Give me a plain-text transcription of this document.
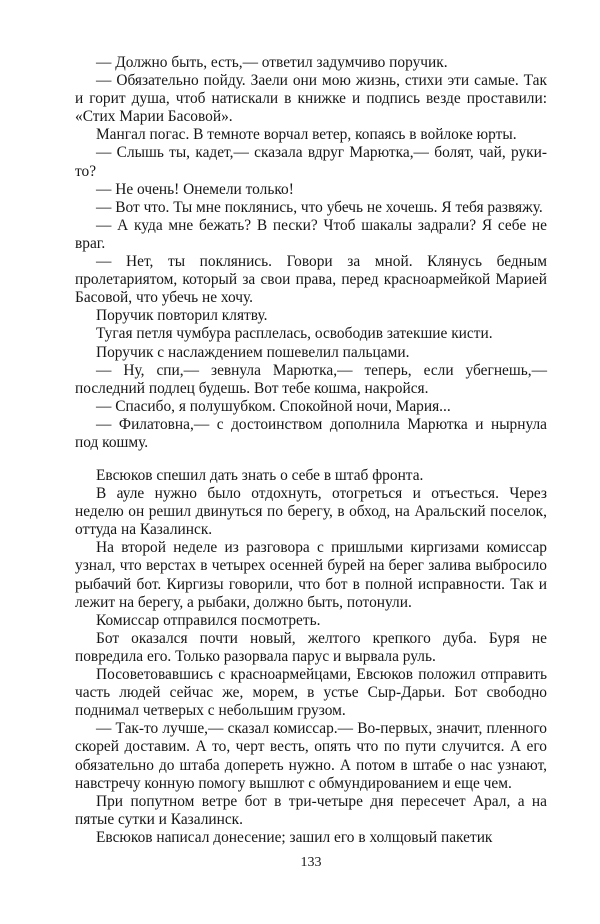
— Должно быть, есть,— ответил задумчиво поручик.

— Обязательно пойду. Заели они мою жизнь, стихи эти самые. Так и горит душа, чтоб натискали в книжке и подпись везде проставили: «Стих Марии Басовой».

Мангал погас. В темноте ворчал ветер, копаясь в войлоке юрты.

— Слышь ты, кадет,— сказала вдруг Марютка,— болят, чай, руки-то?

— Не очень! Онемели только!

— Вот что. Ты мне поклянись, что убечь не хочешь. Я тебя развяжу.

— А куда мне бежать? В пески? Чтоб шакалы задрали? Я себе не враг.

— Нет, ты поклянись. Говори за мной. Клянусь бедным пролетариятом, который за свои права, перед красноармейкой Марией Басовой, что убечь не хочу.

Поручик повторил клятву.

Тугая петля чумбура расплелась, освободив затекшие кисти.

Поручик с наслаждением пошевелил пальцами.

— Ну, спи,— зевнула Марютка,— теперь, если убегнешь,— последний подлец будешь. Вот тебе кошма, накройся.

— Спасибо, я полушубком. Спокойной ночи, Мария...

— Филатовна,— с достоинством дополнила Марютка и нырнула под кошму.

Евсюков спешил дать знать о себе в штаб фронта.

В ауле нужно было отдохнуть, отогреться и отъесться. Через неделю он решил двинуться по берегу, в обход, на Аральский поселок, оттуда на Казалинск.

На второй неделе из разговора с пришлыми киргизами комиссар узнал, что верстах в четырех осенней бурей на берег залива выбросило рыбачий бот. Киргизы говорили, что бот в полной исправности. Так и лежит на берегу, а рыбаки, должно быть, потонули.

Комиссар отправился посмотреть.

Бот оказался почти новый, желтого крепкого дуба. Буря не повредила его. Только разорвала парус и вырвала руль.

Посоветовавшись с красноармейцами, Евсюков положил отправить часть людей сейчас же, морем, в устье Сыр-Дарьи. Бот свободно поднимал четверых с небольшим грузом.

— Так-то лучше,— сказал комиссар.— Во-первых, значит, пленного скорей доставим. А то, черт весть, опять что по пути случится. А его обязательно до штаба допереть нужно. А потом в штабе о нас узнают, навстречу конную помогу вышлют с обмундированием и еще чем.

При попутном ветре бот в три-четыре дня пересечет Арал, а на пятые сутки и Казалинск.

Евсюков написал донесение; зашил его в холщовый пакетик

133
